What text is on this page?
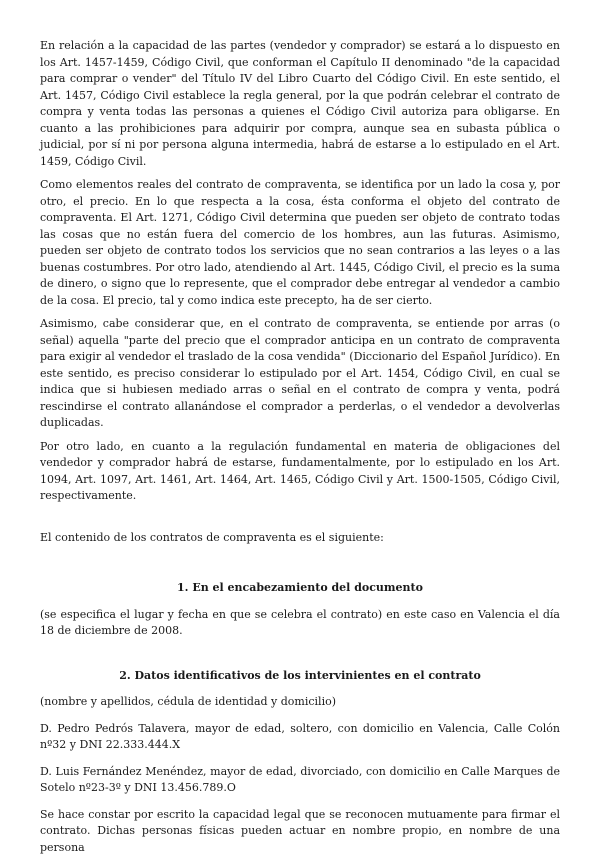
En relación a la capacidad de las partes (vendedor y comprador) se estará a lo dispuesto en los Art. 1457-1459, Código Civil, que conforman el Capítulo II denominado "de la capacidad para comprar o vender" del Título IV del Libro Cuarto del Código Civil. En este sentido, el Art. 1457, Código Civil establece la regla general, por la que podrán celebrar el contrato de compra y venta todas las personas a quienes el Código Civil autoriza para obligarse. En cuanto a las prohibiciones para adquirir por compra, aunque sea en subasta pública o judicial, por sí ni por persona alguna intermedia, habrá de estarse a lo estipulado en el Art. 1459, Código Civil.

Como elementos reales del contrato de compraventa, se identifica por un lado la cosa y, por otro, el precio. En lo que respecta a la cosa, ésta conforma el objeto del contrato de compraventa. El Art. 1271, Código Civil determina que pueden ser objeto de contrato todas las cosas que no están fuera del comercio de los hombres, aun las futuras. Asimismo, pueden ser objeto de contrato todos los servicios que no sean contrarios a las leyes o a las buenas costumbres. Por otro lado, atendiendo al Art. 1445, Código Civil, el precio es la suma de dinero, o signo que lo represente, que el comprador debe entregar al vendedor a cambio de la cosa. El precio, tal y como indica este precepto, ha de ser cierto.

Asimismo, cabe considerar que, en el contrato de compraventa, se entiende por arras (o señal) aquella "parte del precio que el comprador anticipa en un contrato de compraventa para exigir al vendedor el traslado de la cosa vendida" (Diccionario del Español Jurídico). En este sentido, es preciso considerar lo estipulado por el Art. 1454, Código Civil, en cual se indica que si hubiesen mediado arras o señal en el contrato de compra y venta, podrá rescindirse el contrato allanándose el comprador a perderlas, o el vendedor a devolverlas duplicadas.

Por otro lado, en cuanto a la regulación fundamental en materia de obligaciones del vendedor y comprador habrá de estarse, fundamentalmente, por lo estipulado en los Art. 1094, Art. 1097, Art. 1461, Art. 1464, Art. 1465, Código Civil y Art. 1500-1505, Código Civil, respectivamente.

El contenido de los contratos de compraventa es el siguiente:

1. En el encabezamiento del documento

(se especifica el lugar y fecha en que se celebra el contrato) en este caso en Valencia el día 18 de diciembre de 2008.

2. Datos identificativos de los intervinientes en el contrato

(nombre y apellidos, cédula de identidad y domicilio)

D. Pedro Pedrós Talavera, mayor de edad, soltero, con domicilio en Valencia, Calle Colón nº32 y DNI 22.333.444.X

D. Luis Fernández Menéndez, mayor de edad, divorciado, con domicilio en Calle Marques de Sotelo nº23-3º y DNI 13.456.789.O

Se hace constar por escrito la capacidad legal que se reconocen mutuamente para firmar el contrato. Dichas personas físicas pueden actuar en nombre propio, en nombre de una persona
